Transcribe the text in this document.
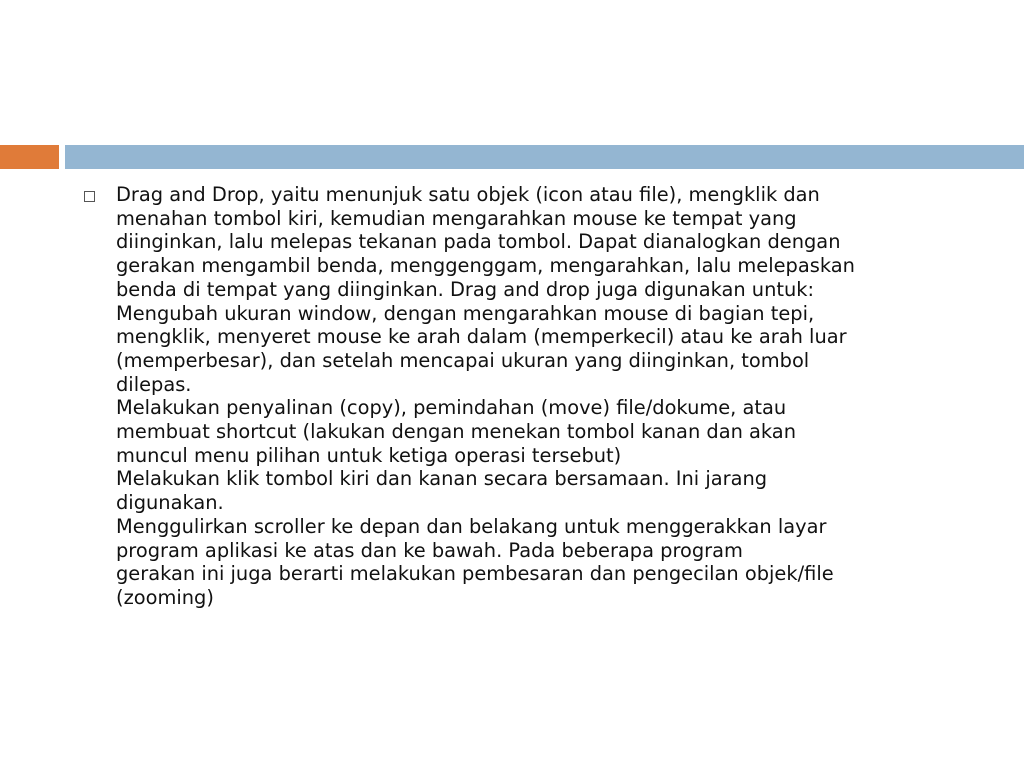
Drag and Drop, yaitu menunjuk satu objek (icon atau file), mengklik dan
menahan tombol kiri, kemudian mengarahkan mouse ke tempat yang
diinginkan, lalu melepas tekanan pada tombol. Dapat dianalogkan dengan
gerakan mengambil benda, menggenggam, mengarahkan, lalu melepaskan
benda di tempat yang diinginkan. Drag and drop juga digunakan untuk:
Mengubah ukuran window, dengan mengarahkan mouse di bagian tepi,
mengklik, menyeret mouse ke arah dalam (memperkecil) atau ke arah luar
(memperbesar), dan setelah mencapai ukuran yang diinginkan, tombol
dilepas.
Melakukan penyalinan (copy), pemindahan (move) file/dokume, atau
membuat shortcut (lakukan dengan menekan tombol kanan dan akan
muncul menu pilihan untuk ketiga operasi tersebut)
Melakukan klik tombol kiri dan kanan secara bersamaan. Ini jarang
digunakan.
Menggulirkan scroller ke depan dan belakang untuk menggerakkan layar
program aplikasi ke atas dan ke bawah. Pada beberapa program
gerakan ini juga berarti melakukan pembesaran dan pengecilan objek/file
(zooming)
